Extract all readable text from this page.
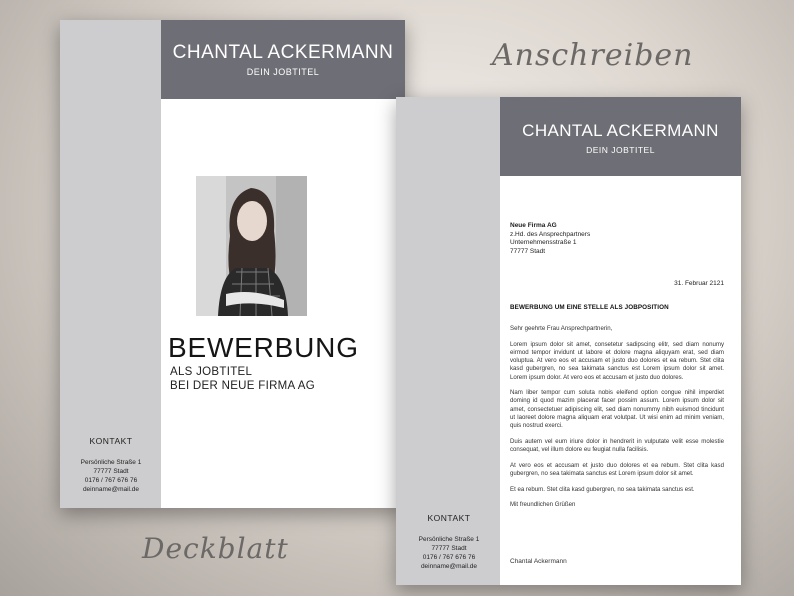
Anschreiben
Deckblatt
CHANTAL ACKERMANN
DEIN JOBTITEL
BEWERBUNG
ALS JOBTITEL
BEI DER NEUE FIRMA AG
KONTAKT
Persönliche Straße 1
77777 Stadt
0176 / 767 676 76
deinname@mail.de
CHANTAL ACKERMANN
DEIN JOBTITEL
Neue Firma AG
z.Hd. des Ansprechpartners
Unternehmensstraße 1
77777 Stadt
31. Februar 2121
BEWERBUNG UM EINE STELLE ALS JOBPOSITION

Sehr geehrte Frau Ansprechpartnerin,

Lorem ipsum dolor sit amet, consetetur sadipscing elitr, sed diam nonumy eirmod tempor invidunt ut labore et dolore magna aliquyam erat, sed diam voluptua. At vero eos et accusam et justo duo dolores et ea rebum. Stet clita kasd gubergren, no sea takimata sanctus est Lorem ipsum dolor sit amet. Lorem ipsum dolor. At vero eos et accusam et justo duo dolores.

Nam liber tempor cum soluta nobis eleifend option congue nihil imperdiet doming id quod mazim placerat facer possim assum. Lorem ipsum dolor sit amet, consectetuer adipiscing elit, sed diam nonummy nibh euismod tincidunt ut laoreet dolore magna aliquam erat volutpat. Ut wisi enim ad minim veniam, quis nostrud exerci.

Duis autem vel eum iriure dolor in hendrerit in vulputate velit esse molestie consequat, vel illum dolore eu feugiat nulla facilisis.

At vero eos et accusam et justo duo dolores et ea rebum. Stet clita kasd gubergren, no sea takimata sanctus est Lorem ipsum dolor sit amet.

Et ea rebum. Stet clita kasd gubergren, no sea takimata sanctus est.

Mit freundlichen Grüßen

Chantal Ackermann
KONTAKT
Persönliche Straße 1
77777 Stadt
0176 / 767 676 76
deinname@mail.de
